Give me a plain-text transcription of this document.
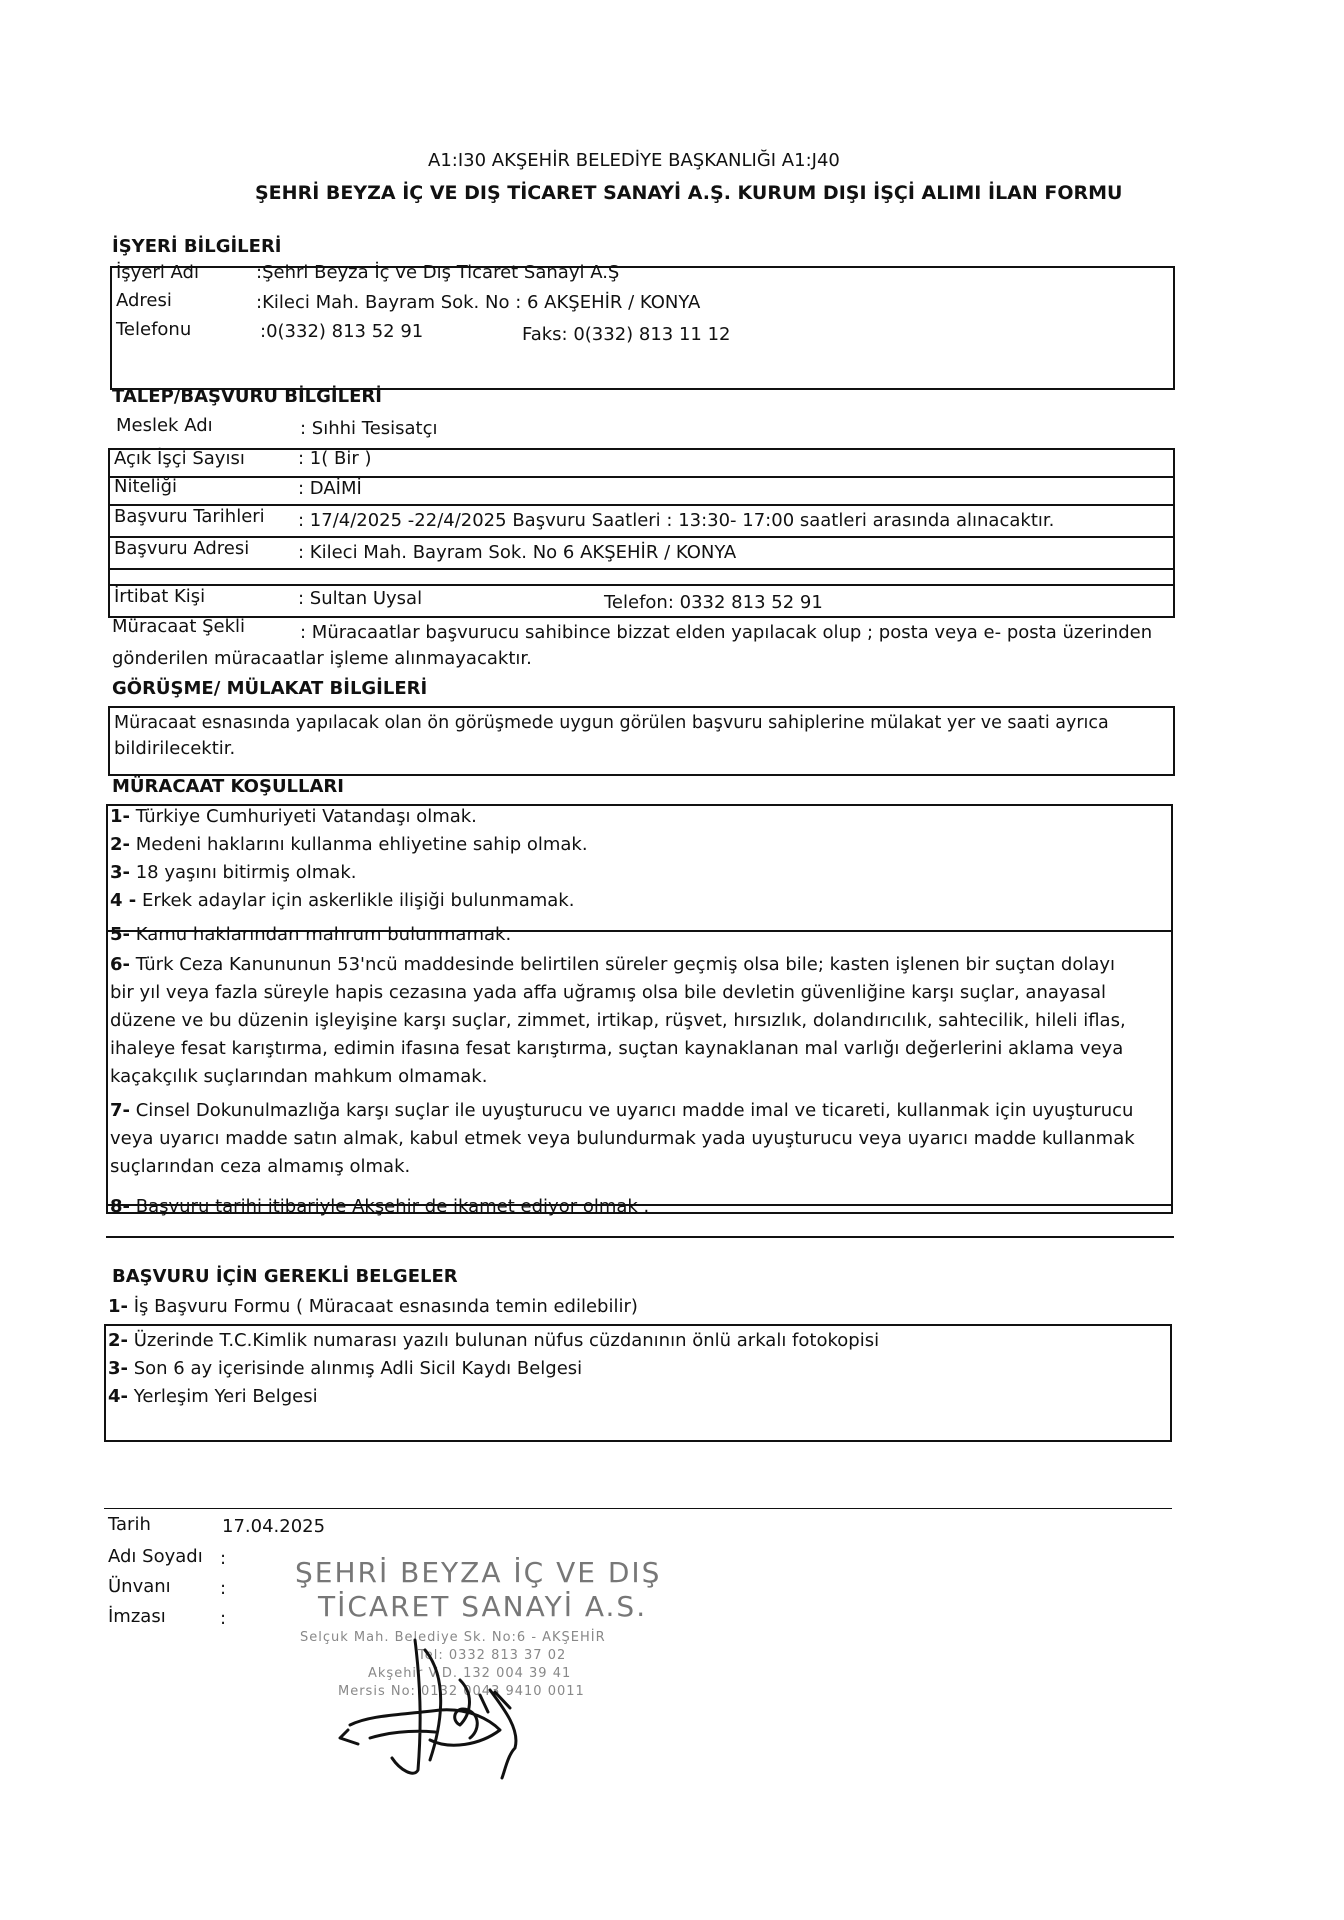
A1:I30 AKŞEHİR BELEDİYE BAŞKANLIĞI A1:J40
ŞEHRİ BEYZA İÇ VE DIŞ TİCARET SANAYİ A.Ş. KURUM DIŞI İŞÇİ ALIMI İLAN FORMU
İŞYERİ BİLGİLERİ
İşyeri Adı	:Şehri Beyza İç ve Dış Ticaret Sanayi A.Ş
Adresi	:Kileci Mah. Bayram Sok. No : 6 AKŞEHİR / KONYA
Telefonu	:0(332) 813 52 91	Faks: 0(332) 813 11 12
TALEP/BAŞVURU BİLGİLERİ
Meslek Adı	: Sıhhi Tesisatçı
Açık İşçi Sayısı	: 1( Bir )
Niteliği	: DAİMİ
Başvuru Tarihleri : 17/4/2025 -22/4/2025 Başvuru Saatleri : 13:30- 17:00 saatleri arasında alınacaktır.
Başvuru Adresi	: Kileci Mah. Bayram Sok. No 6 AKŞEHİR / KONYA
İrtibat Kişi	: Sultan Uysal	Telefon: 0332 813 52 91
Müracaat Şekli	: Müracaatlar başvurucu sahibince bizzat elden yapılacak olup ; posta veya e- posta üzerinden
gönderilen müracaatlar işleme alınmayacaktır.
GÖRÜŞME/ MÜLAKAT BİLGİLERİ
Müracaat esnasında yapılacak olan ön görüşmede uygun görülen başvuru sahiplerine mülakat yer ve saati ayrıca
bildirilecektir.
MÜRACAAT KOŞULLARI
1- Türkiye Cumhuriyeti Vatandaşı olmak.
2- Medeni haklarını kullanma ehliyetine sahip olmak.
3- 18 yaşını bitirmiş olmak.
4 - Erkek adaylar için askerlikle ilişiği bulunmamak.
5- Kamu haklarından mahrum bulunmamak.
6- Türk Ceza Kanununun 53'ncü maddesinde belirtilen süreler geçmiş olsa bile; kasten işlenen bir suçtan dolayı
bir yıl veya fazla süreyle hapis cezasına yada affa uğramış olsa bile devletin güvenliğine karşı suçlar, anayasal
düzene ve bu düzenin işleyişine karşı suçlar, zimmet, irtikap, rüşvet, hırsızlık, dolandırıcılık, sahtecilik, hileli iflas,
ihaleye fesat karıştırma, edimin ifasına fesat karıştırma, suçtan kaynaklanan mal varlığı değerlerini aklama veya
kaçakçılık suçlarından mahkum olmamak.
7- Cinsel Dokunulmazlığa karşı suçlar ile uyuşturucu ve uyarıcı madde imal ve ticareti, kullanmak için uyuşturucu
veya uyarıcı madde satın almak, kabul etmek veya bulundurmak yada uyuşturucu veya uyarıcı madde kullanmak
suçlarından ceza almamış olmak.
8- Başvuru tarihi itibariyle Akşehir de ikamet ediyor olmak .
BAŞVURU İÇİN GEREKLİ BELGELER
1- İş Başvuru Formu ( Müracaat esnasında temin edilebilir)
2- Üzerinde T.C.Kimlik numarası yazılı bulunan nüfus cüzdanının önlü arkalı fotokopisi
3- Son 6 ay içerisinde alınmış Adli Sicil Kaydı Belgesi
4- Yerleşim Yeri Belgesi
Tarih	17.04.2025
Adı Soyadı :
Ünvanı	:
İmzası	:
ŞEHRİ BEYZA İÇ VE DIŞ
TİCARET SANAYİ A.S.
Selçuk Mah. Belediye Sk. No:6 - AKŞEHİR
Tel: 0332 813 37 02
Akşehir V.D. 132 004 39 41
Mersis No: 0132 0043 9410 0011
